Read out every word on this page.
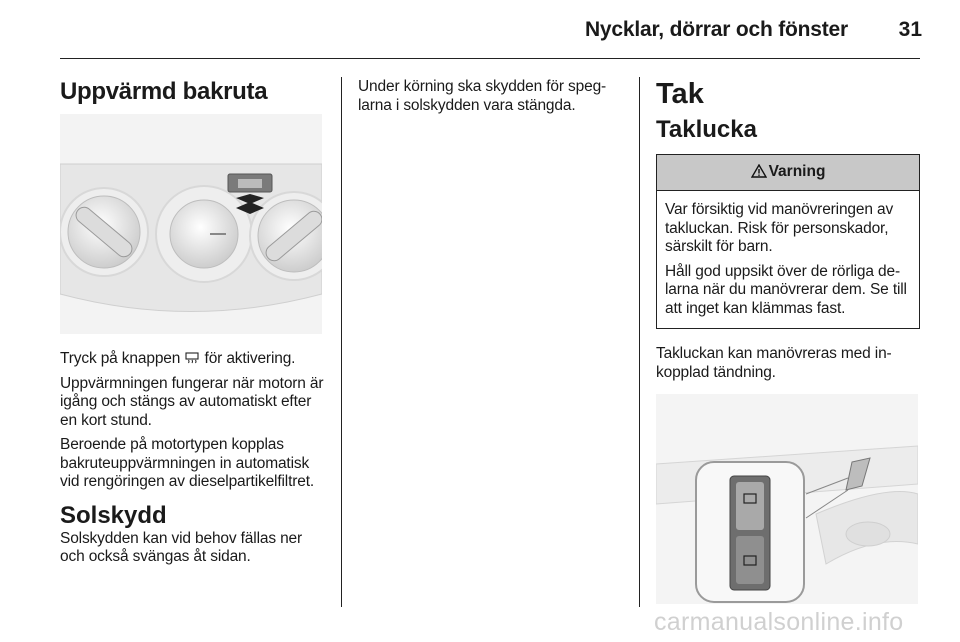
Nycklar, dörrar och fönster	31
Uppvärmd bakruta

Tryck på knappen  för aktivering.

Uppvärmningen fungerar när motorn är igång och stängs av automatiskt efter en kort stund.

Beroende på motortypen kopplas bakruteuppvärmningen in automatisk vid rengöringen av dieselpartikelfiltret.

Solskydd

Solskydden kan vid behov fällas ner och också svängas åt sidan.

Under körning ska skydden för speglarna i solskydden vara stängda.	Tak
Taklucka
Varning

Var försiktig vid manövreringen av takluckan. Risk för personskador, särskilt för barn.

Håll god uppsikt över de rörliga delarna när du manövrerar dem. Se till att inget kan klämmas fast.

Takluckan kan manövreras med inkopplad tändning.

carmanualsonline.info
